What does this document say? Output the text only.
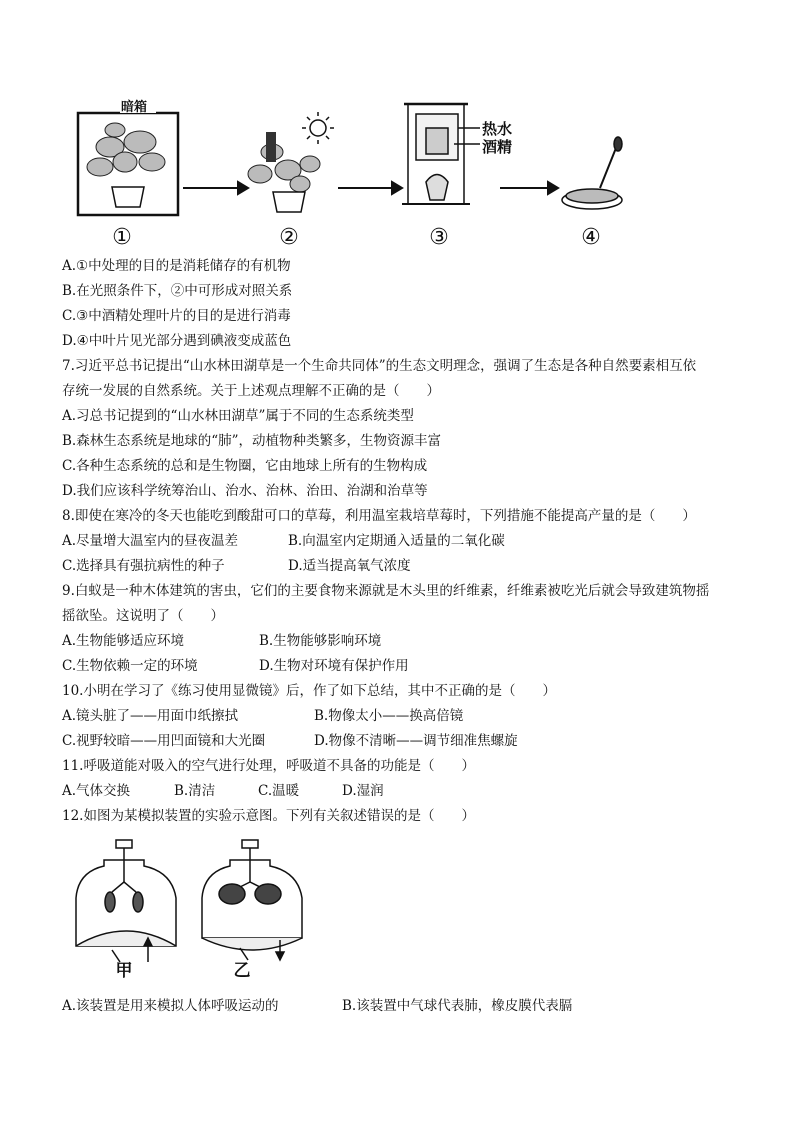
热水
酒精
①	②	③	④
暗箱
A.①中处理的目的是消耗储存的有机物
B.在光照条件下，②中可形成对照关系
C.③中酒精处理叶片的目的是进行消毒
D.④中叶片见光部分遇到碘液变成蓝色
7.习近平总书记提出“山水林田湖草是一个生命共同体”的生态文明理念，强调了生态是各种自然要素相互依
存统一发展的自然系统。关于上述观点理解不正确的是（　　）
A.习总书记提到的“山水林田湖草”属于不同的生态系统类型
B.森林生态系统是地球的“肺”，动植物种类繁多，生物资源丰富
C.各种生态系统的总和是生物圈，它由地球上所有的生物构成
D.我们应该科学统筹治山、治水、治林、治田、治湖和治草等
8.即使在寒冷的冬天也能吃到酸甜可口的草莓，利用温室栽培草莓时，下列措施不能提高产量的是（　　）
A.尽量增大温室内的昼夜温差	B.向温室内定期通入适量的二氧化碳
C.选择具有强抗病性的种子	D.适当提高氧气浓度
9.白蚁是一种木体建筑的害虫，它们的主要食物来源就是木头里的纤维素，纤维素被吃光后就会导致建筑物摇
摇欲坠。这说明了（　　）
A.生物能够适应环境	B.生物能够影响环境
C.生物依赖一定的环境	D.生物对环境有保护作用
10.小明在学习了《练习使用显微镜》后，作了如下总结，其中不正确的是（　　）
A.镜头脏了——用面巾纸擦拭	B.物像太小——换高倍镜
C.视野较暗——用凹面镜和大光圈	D.物像不清晰——调节细准焦螺旋
11.呼吸道能对吸入的空气进行处理，呼吸道不具备的功能是（　　）
A.气体交换	B.清洁	C.温暖	D.湿润
12.如图为某模拟装置的实验示意图。下列有关叙述错误的是（　　）
甲	乙
A.该装置是用来模拟人体呼吸运动的	B.该装置中气球代表肺，橡皮膜代表膈
